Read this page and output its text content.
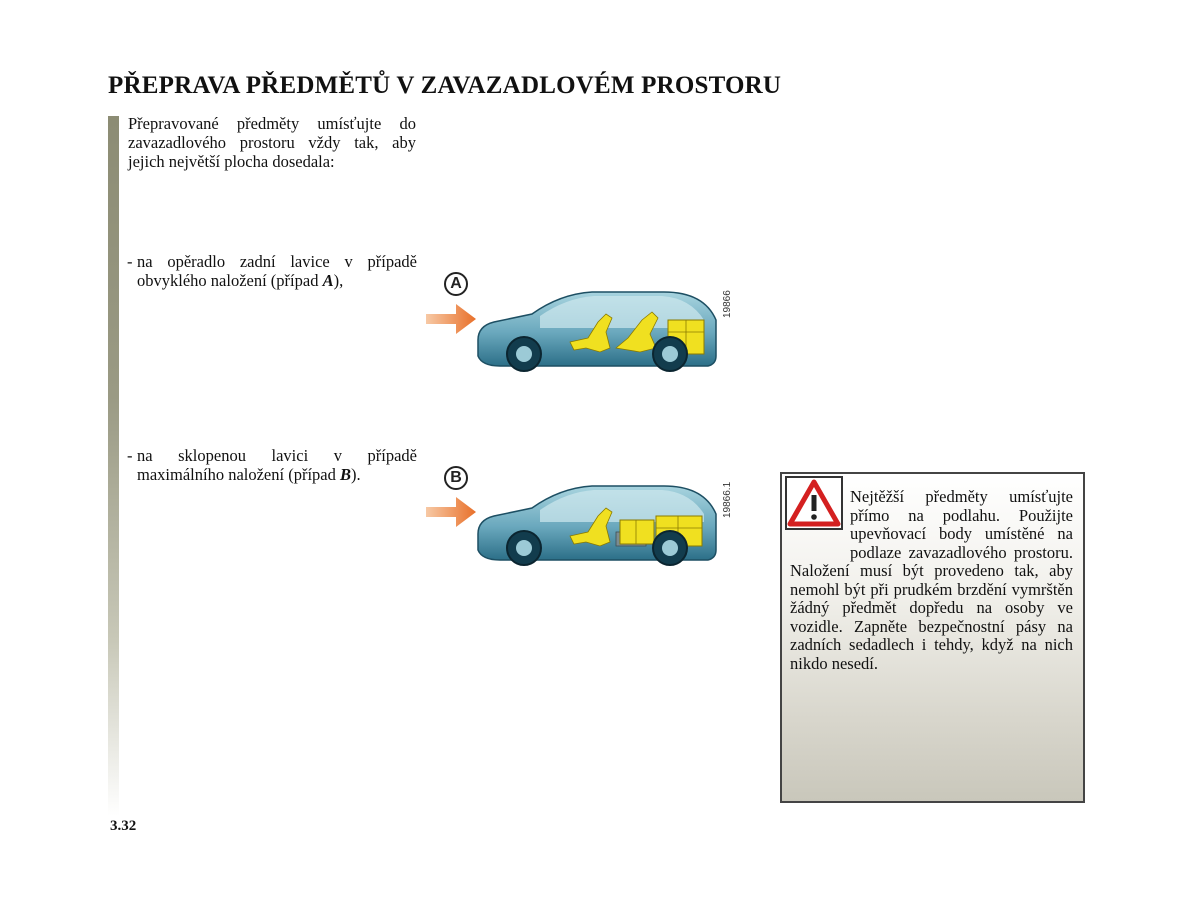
PŘEPRAVA PŘEDMĚTŮ V ZAVAZADLOVÉM PROSTORU
Přepravované předměty umísťujte do
zavazadlového prostoru vždy tak, aby
jejich největší plocha dosedala:
- na opěradlo zadní lavice v případě
obvyklého naložení (případ A),
- na sklopenou lavici v případě
maximálního naložení (případ B).
A
B
19866
19866.1	Nejtěžší předměty umísťujte přímo na podlahu. Použijte upevňovací body umístěné na podlaze zavazadlového prostoru. Naložení musí být provedeno tak, aby nemohl být při prudkém brzdění vymrštěn žádný předmět dopředu na osoby ve vozidle. Zapněte bezpečnostní pásy na zadních sedadlech i tehdy, když na nich nikdo nesedí.

3.32
